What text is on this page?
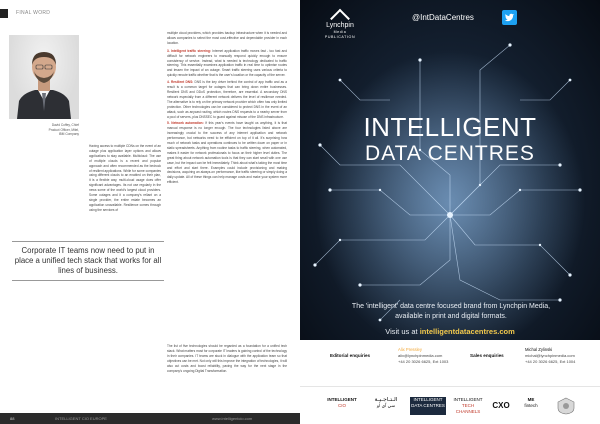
FINAL WORD
David Coffey, Chief
Product Officer, Mitel,
IBM Company
Having access to multiple CDNs on the event of an outage plus application layer options and allows applications to stay available. Multicloud: The use of multiple clouds is a recent and popular approach and often recommended as the bedrock of resilient applications. While for some companies using different clouds to an enabled on their plan, it is a flexible way, multi-cloud usage does offer significant advantages. Its not use regularly in the news some of the world's largest cloud providers. Some outages and it a company's reliant on a single provider, the entire estate becomes an application unavailable. Resilience comes through using the services of

multiple cloud providers, which provides backup infrastructure when it is needed and allows companies to select the most cost-effective and dependable provider in each location.

3. Intelligent traffic steering: Internet application traffic moves fast - too fast and difficult for network engineers to manually respond quickly enough to ensure consistency of service. Instead, what is needed is technology dedicated to traffic steering. This essentially examines application traffic in real time to optimise routes and lessen the impact of an outage. Smart traffic steering uses various criteria to quickly reroute traffic whether that is the user's location or the capacity of the server.
4. Resilient DNS: DNS is the key driver behind the control of app traffic and as a result is a common target for outages that can bring down entire businesses. Resilient DNS and DDoS protection, therefore, are essential. A secondary DNS network especially from a different network delivers the level of resilience needed. The alternative is to rely on the primary network provider which often has only limited protection. Other technologies can be considered to protect DNS in the event of an attack, such as anycast routing, which routes DNS requests to a nearby server from a pool of servers, plus DNSSEC to guard against misuse of the DNS infrastructure.
5. Network automation: If this year's events have taught us anything, it is that manual response is no longer enough. The four technologies listed above are increasingly crucial to the success of any internet application and network performance, but networks need to be efficient on top of it all. It's surprising how much of network tasks and operations continues to be written down on paper or in static spreadsheets. Anything from routine tasks to traffic steering, when automated, makes it easier for network professionals to focus on their higher level duties. The great thing about network automation tools is that they can start small with one use case, but the impact can be felt immediately. Think about what's taking the most time and effort and start there. Examples could include provisioning and making decisions, acquiring an always-on performance, like traffic steering or simply doing a daily update. All of these things can help manage costs and make your system more efficient.
The list of five technologies should be regarded as a foundation for a unified tech stack. What matters most for corporate IT leaders is gaining control of the technology in their companies. IT teams are stuck in dialogue with the application team so that objectives can be met. Not only will this improve the integration of technologies, it will also cut costs and boost reliability, paving the way for the next stage in the company's ongoing Digital Transformation.
Corporate IT teams now need to put in place a unified tech stack that works for all lines of business.
88	INTELLIGENT CIO EUROPE	www.intelligentcio.com
Lynchpin
Media
PUBLICATION
@IntDataCentres
INTELLIGENT
DATA CENTRES
The 'intelligent' data centre focused brand from Lynchpin Media,
available in print and digital formats.
Visit us at intelligentdatacentres.com
Editorial enquiries
Alix Pressley
alix@lynchpinmedia.com
+44 20 3026 6625, Ext 1003
Sales enquiries
Michal Zylinski
michal@lynchpinmedia.com
+44 20 3026 6625, Ext 1004
INTELLIGENT
CIO
الـتـاجـيـة
سي آي أو
INTELLIGENT
DATA CENTRES
INTELLIGENT
TECH CHANNELS
CXO
ME
fintech
